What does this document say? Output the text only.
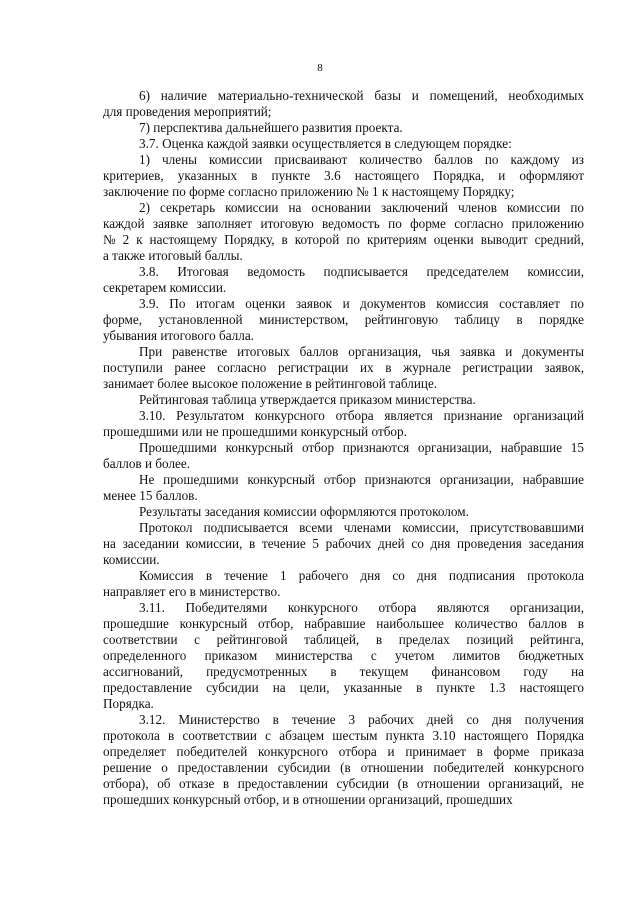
8
6) наличие материально-технической базы и помещений, необходимых
для проведения мероприятий;
7) перспектива дальнейшего развития проекта.
3.7. Оценка каждой заявки осуществляется в следующем порядке:
1) члены комиссии присваивают количество баллов по каждому из
критериев, указанных в пункте 3.6 настоящего Порядка, и оформляют
заключение по форме согласно приложению № 1 к настоящему Порядку;
2) секретарь комиссии на основании заключений членов комиссии по
каждой заявке заполняет итоговую ведомость по форме согласно приложению
№ 2 к настоящему Порядку, в которой по критериям оценки выводит средний,
а также итоговый баллы.
3.8. Итоговая ведомость подписывается председателем комиссии,
секретарем комиссии.
3.9. По итогам оценки заявок и документов комиссия составляет по
форме, установленной министерством, рейтинговую таблицу в порядке
убывания итогового балла.
При равенстве итоговых баллов организация, чья заявка и документы
поступили ранее согласно регистрации их в журнале регистрации заявок,
занимает более высокое положение в рейтинговой таблице.
Рейтинговая таблица утверждается приказом министерства.
3.10. Результатом конкурсного отбора является признание организаций
прошедшими или не прошедшими конкурсный отбор.
Прошедшими конкурсный отбор признаются организации, набравшие 15
баллов и более.
Не прошедшими конкурсный отбор признаются организации, набравшие
менее 15 баллов.
Результаты заседания комиссии оформляются протоколом.
Протокол подписывается всеми членами комиссии, присутствовавшими
на заседании комиссии, в течение 5 рабочих дней со дня проведения заседания
комиссии.
Комиссия в течение 1 рабочего дня со дня подписания протокола
направляет его в министерство.
3.11. Победителями конкурсного отбора являются организации,
прошедшие конкурсный отбор, набравшие наибольшее количество баллов в
соответствии с рейтинговой таблицей, в пределах позиций рейтинга,
определенного приказом министерства с учетом лимитов бюджетных
ассигнований, предусмотренных в текущем финансовом году на
предоставление субсидии на цели, указанные в пункте 1.3 настоящего
Порядка.
3.12. Министерство в течение 3 рабочих дней со дня получения
протокола в соответствии с абзацем шестым пункта 3.10 настоящего Порядка
определяет победителей конкурсного отбора и принимает в форме приказа
решение о предоставлении субсидии (в отношении победителей конкурсного
отбора), об отказе в предоставлении субсидии (в отношении организаций, не
прошедших конкурсный отбор, и в отношении организаций, прошедших
